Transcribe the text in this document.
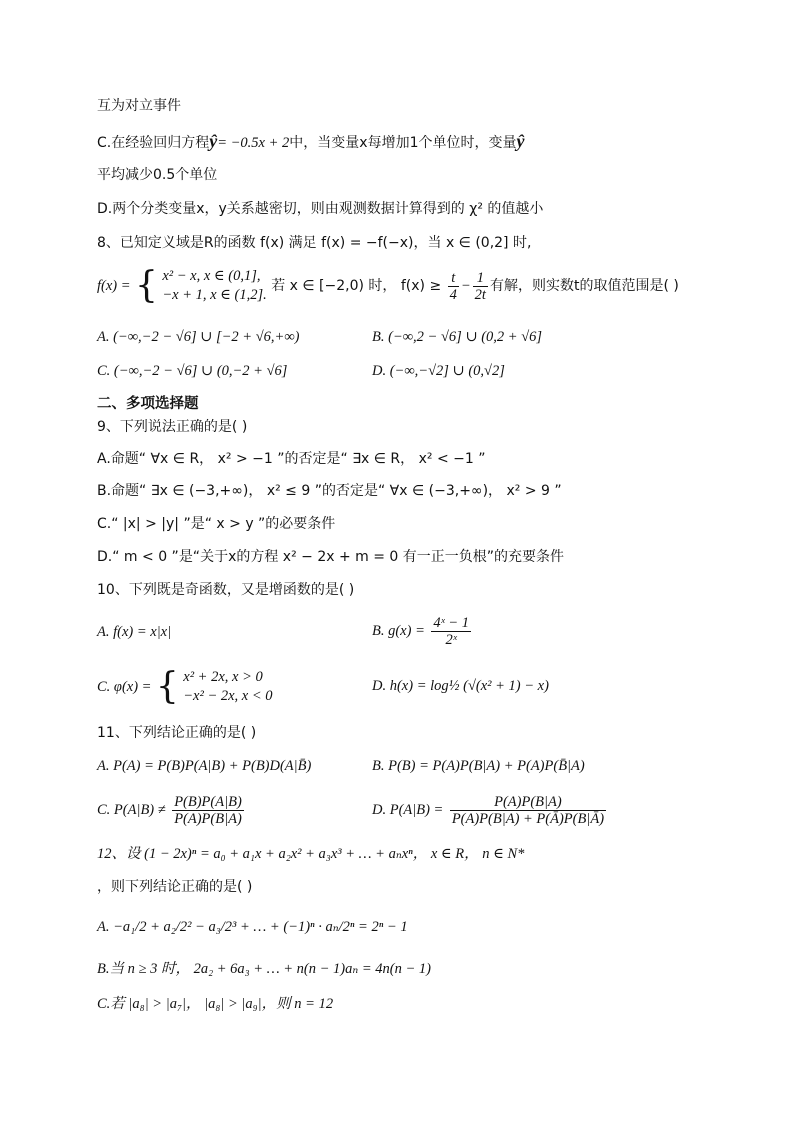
互为对立事件
C.在经验回归方程ŷ= −0.5x + 2中，当变量x每增加1个单位时，变量ŷ
平均减少0.5个单位
D.两个分类变量x，y关系越密切，则由观测数据计算得到的 χ² 的值越小
8、已知定义域是R的函数 f(x) 满足 f(x) = −f(−x)，当 x ∈ (0,2] 时,
f(x) = { x² − x, x ∈ (0,1],
−x + 1, x ∈ (1,2].
若 x ∈ [−2,0) 时， $f(x) \ge \frac{t}{4} - \frac{1}{2t}$ 有解，则实数t的取值范围是( )
A. (−∞,−2 − √6] ∪ [−2 + √6,+∞)	B. (−∞,2 − √6] ∪ (0,2 + √6]
C. (−∞,−2 − √6] ∪ (0,−2 + √6]	D. (−∞,−√2] ∪ (0,√2]
二、多项选择题
9、下列说法正确的是( )
A.命题“ ∀x ∈ R， x² > −1 ”的否定是“ ∃x ∈ R， x² < −1 ”
B.命题“ ∃x ∈ (−3,+∞)， x² ≤ 9 ”的否定是“ ∀x ∈ (−3,+∞)， x² > 9 ”
C.“ |x| > |y| ”是“ x > y ”的必要条件
D.“ m < 0 ”是“关于x的方程 x² − 2x + m = 0 有一正一负根”的充要条件
10、下列既是奇函数，又是增函数的是( )
A. f(x) = x|x|	B. $g(x) = \frac{\text{4ˣ − 1}}{\text{2ˣ}}$
C. φ(x) = { x² + 2x, x > 0
−x² − 2x, x < 0
D. h(x) = log½ (√(x² + 1) − x)
11、下列结论正确的是( )
A. P(A) = P(B)P(A|B) + P(B)D(A|B̄)	B. P(B) = P(A)P(B|A) + P(A)P(B̄|A)
C. $P(A|B) \ne \frac{P(B)P(A|B)}{P(A)P(B|A)}$	D. $P(A|B) = \frac{P(A)P(B|A)}{P(A)P(B|A) + P(Ā)P(B|Ā)}$
12、设 (1 − 2x)ⁿ = a₀ + a₁x + a₂x² + a₃x³ + … + aₙxⁿ， x ∈ R， n ∈ N*
，则下列结论正确的是( )
A. −a₁/2 + a₂/2² − a₃/2³ + … + (−1)ⁿ · aₙ/2ⁿ = 2ⁿ − 1
B.当 n ≥ 3 时， 2a₂ + 6a₃ + … + n(n − 1)aₙ = 4n(n − 1)
C.若 |a₈| > |a₇|， |a₈| > |a₉|，则 n = 12
